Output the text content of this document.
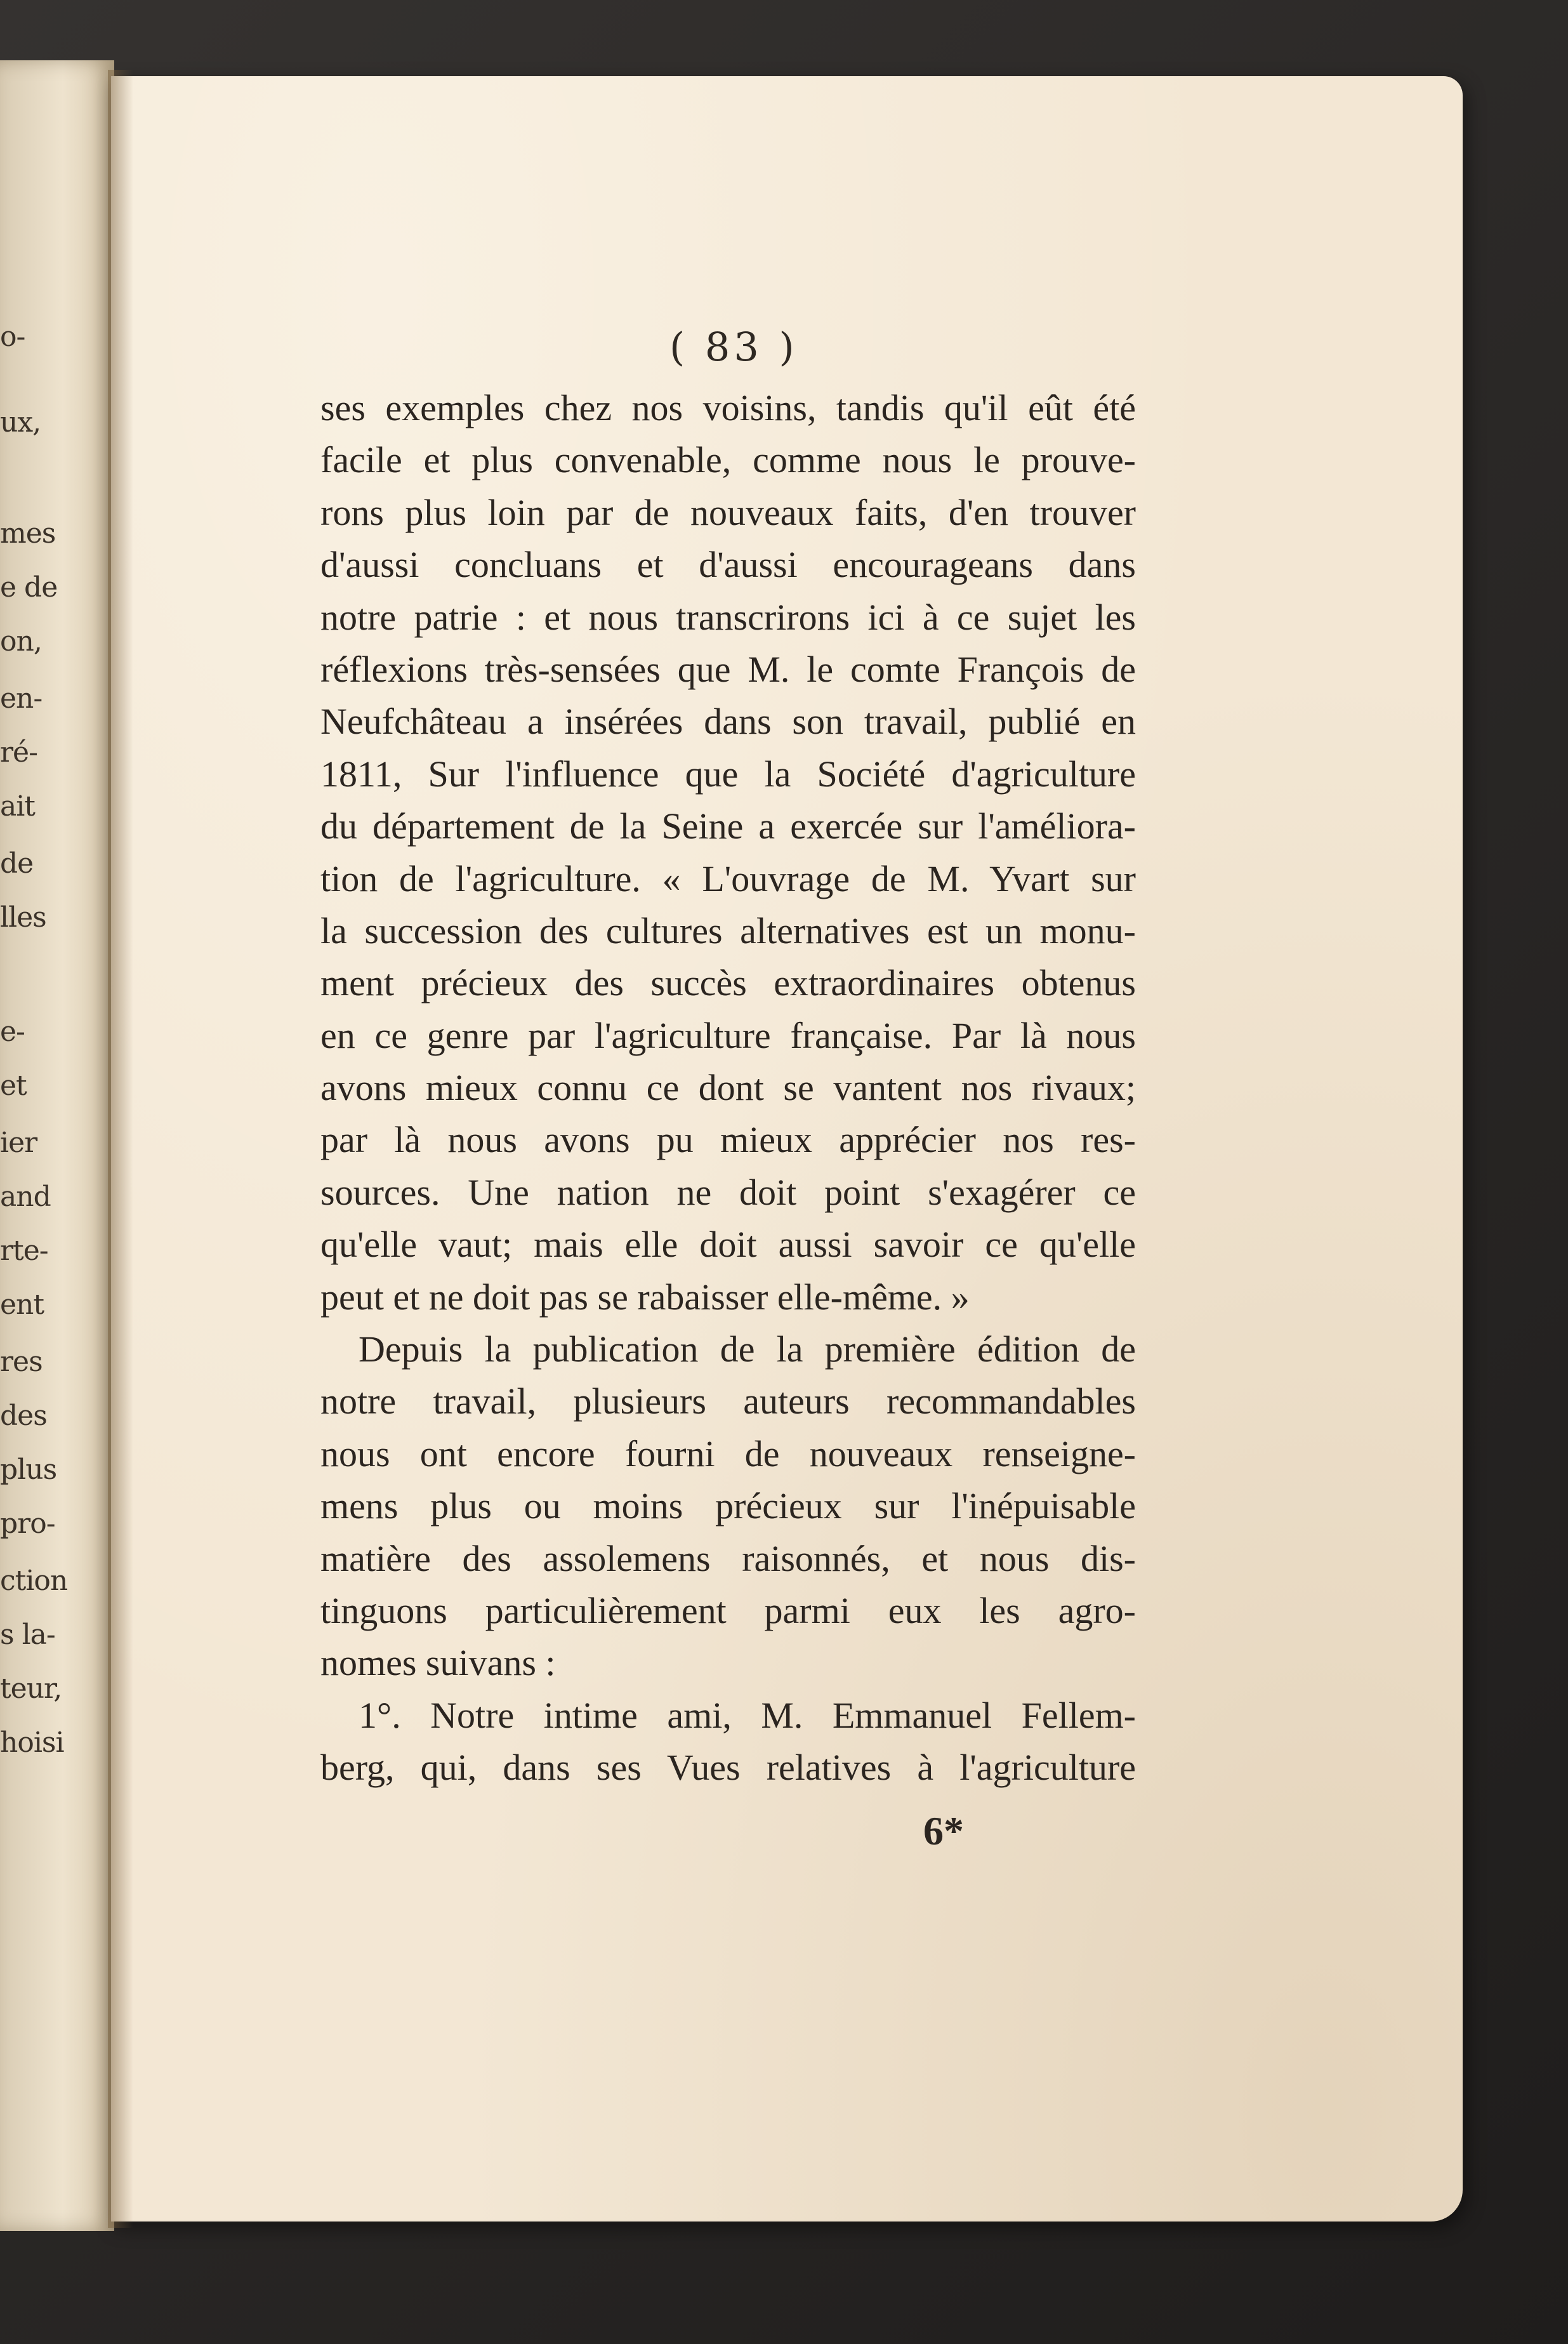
o-
ux,
mes
e de
on,
en-
ré-
ait
de
lles
e-
et
ier
and
rte-
ent
res
des
plus
pro-
ction
s la-
teur,
hoisi
( 83 )
ses exemples chez nos voisins, tandis qu'il eût été
facile et plus convenable, comme nous le prouve-
rons plus loin par de nouveaux faits, d'en trouver
d'aussi concluans et d'aussi encourageans dans
notre patrie : et nous transcrirons ici à ce sujet les
réflexions très-sensées que M. le comte François de
Neufchâteau a insérées dans son travail, publié en
1811, Sur l'influence que la Société d'agriculture
du département de la Seine a exercée sur l'améliora-
tion de l'agriculture. « L'ouvrage de M. Yvart sur
la succession des cultures alternatives est un monu-
ment précieux des succès extraordinaires obtenus
en ce genre par l'agriculture française. Par là nous
avons mieux connu ce dont se vantent nos rivaux;
par là nous avons pu mieux apprécier nos res-
sources. Une nation ne doit point s'exagérer ce
qu'elle vaut; mais elle doit aussi savoir ce qu'elle
peut et ne doit pas se rabaisser elle-même. »
Depuis la publication de la première édition de
notre travail, plusieurs auteurs recommandables
nous ont encore fourni de nouveaux renseigne-
mens plus ou moins précieux sur l'inépuisable
matière des assolemens raisonnés, et nous dis-
tinguons particulièrement parmi eux les agro-
nomes suivans :
1°. Notre intime ami, M. Emmanuel Fellem-
berg, qui, dans ses Vues relatives à l'agriculture
6*
